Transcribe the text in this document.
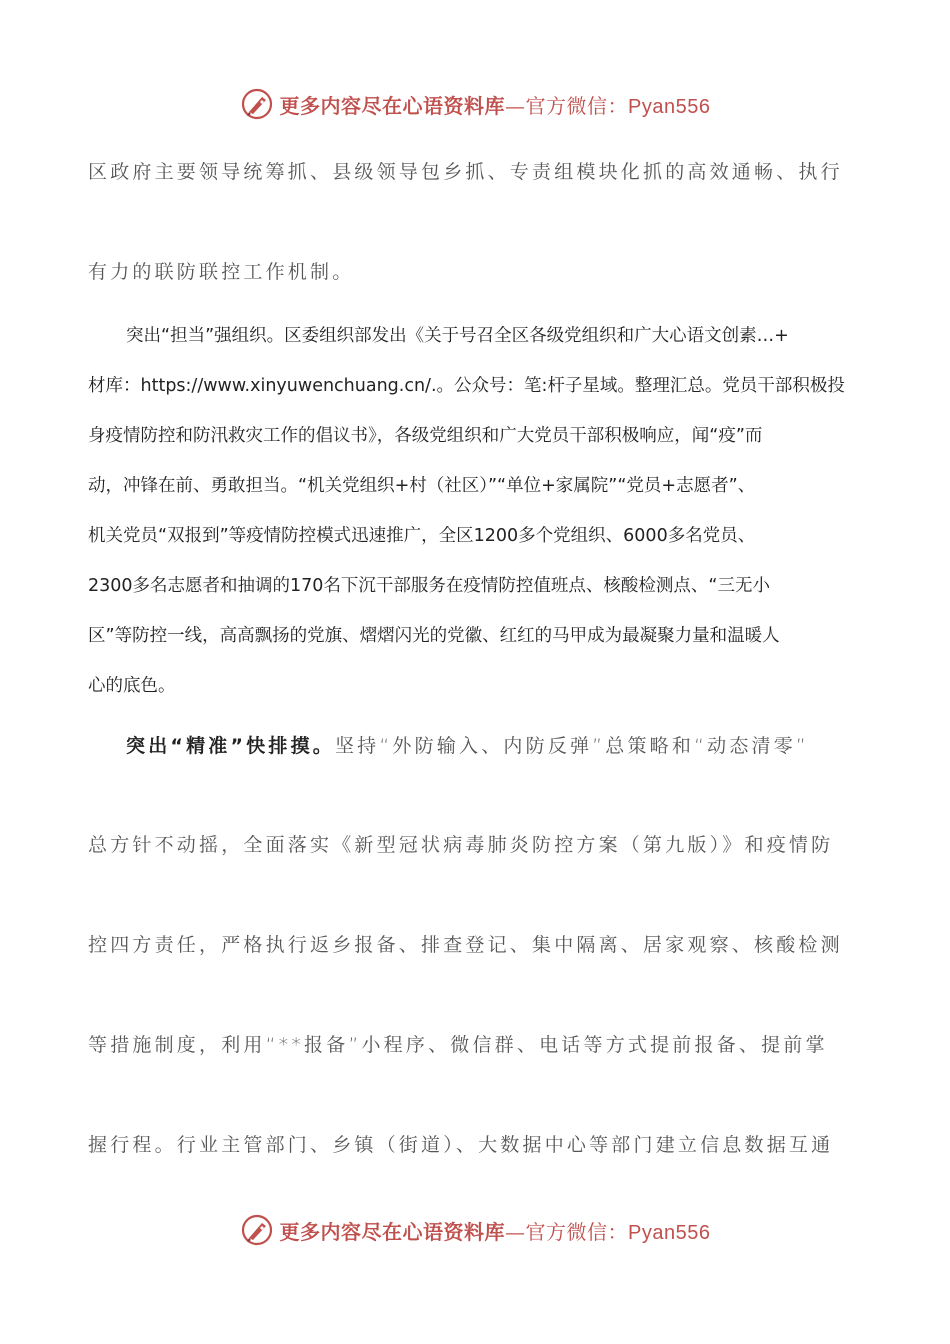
更多内容尽在心语资料库—官方微信：Pyan556
区政府主要领导统筹抓、县级领导包乡抓、专责组模块化抓的高效通畅、执行
有力的联防联控工作机制。
突出“担当”强组织。区委组织部发出《关于号召全区各级党组织和广大心语文创素…+
材库：https://www.xinyuwenchuang.cn/.。公众号：笔:杆子星域。整理汇总。党员干部积极投
身疫情防控和防汛救灾工作的倡议书》，各级党组织和广大党员干部积极响应，闻“疫”而
动，冲锋在前、勇敢担当。“机关党组织+村（社区）”“单位+家属院”“党员+志愿者”、
机关党员“双报到”等疫情防控模式迅速推广，全区1200多个党组织、6000多名党员、
2300多名志愿者和抽调的170名下沉干部服务在疫情防控值班点、核酸检测点、“三无小
区”等防控一线，高高飘扬的党旗、熠熠闪光的党徽、红红的马甲成为最凝聚力量和温暖人
心的底色。
突出“精准”快排摸。坚持“外防输入、内防反弹”总策略和“动态清零”
总方针不动摇，全面落实《新型冠状病毒肺炎防控方案（第九版）》和疫情防
控四方责任，严格执行返乡报备、排查登记、集中隔离、居家观察、核酸检测
等措施制度，利用“**报备”小程序、微信群、电话等方式提前报备、提前掌
握行程。行业主管部门、乡镇（街道）、大数据中心等部门建立信息数据互通
更多内容尽在心语资料库—官方微信：Pyan556
